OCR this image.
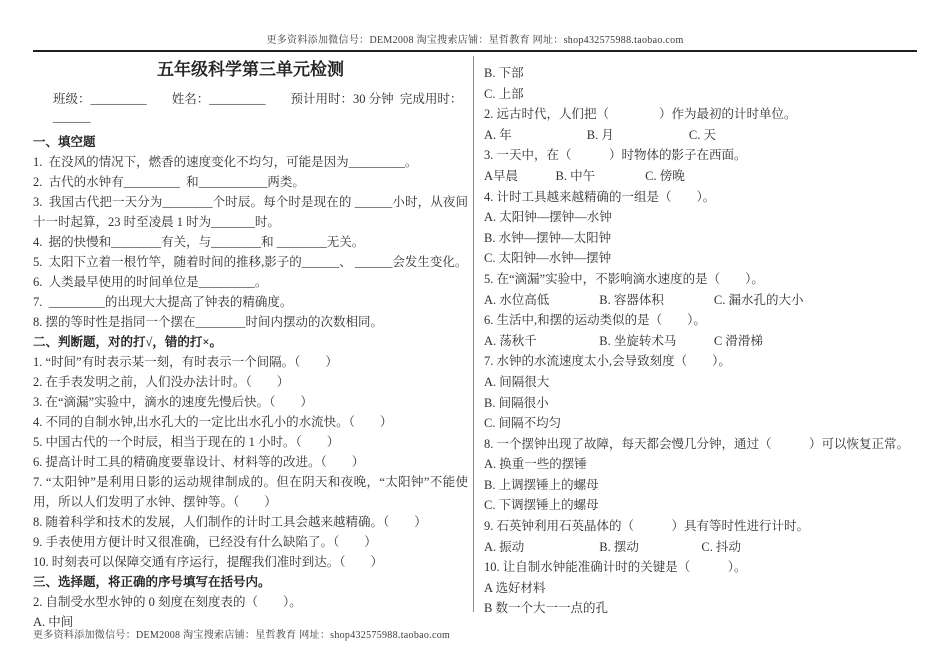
更多资料添加微信号：DEM2008 淘宝搜索店铺：星哲教育 网址：shop432575988.taobao.com
五年级科学第三单元检测
班级：_________　　姓名：_________　　预计用时：30 分钟  完成用时：______
一、填空题
1.  在没风的情况下，燃香的速度变化不均匀，可能是因为_________。
2.  古代的水钟有_________  和___________两类。
3.  我国古代把一天分为________个时辰。每个时是现在的 ______小时，从夜间十一时起算，23 时至凌晨 1 时为_______时。
4.  据的快慢和________有关，与________和 ________无关。
5.  太阳下立着一根竹竿，随着时间的推移,影子的______、 ______会发生变化。
6.  人类最早使用的时间单位是_________。
7.  _________的出现大大提高了钟表的精确度。
8. 摆的等时性是指同一个摆在________时间内摆动的次数相同。
二、判断题，对的打√，错的打×。
1. “时间”有时表示某一刻，有时表示一个间隔。（　　）
2. 在手表发明之前，人们没办法计时。（　　）
3. 在“滴漏”实验中，滴水的速度先慢后快。（　　）
4. 不同的自制水钟,出水孔大的一定比出水孔小的水流快。（　　）
5. 中国古代的一个时辰，相当于现在的 1 小时。（　　）
6. 提高计时工具的精确度要靠设计、材料等的改进。（　　）
7. “太阳钟”是利用日影的运动规律制成的。但在阴天和夜晚，“太阳钟”不能使用，所以人们发明了水钟、摆钟等。（　　）
8. 随着科学和技术的发展，人们制作的计时工具会越来越精确。（　　）
9. 手表使用方便计时又很准确，已经没有什么缺陷了。（　　）
10. 时刻表可以保障交通有序运行，提醒我们准时到达。（　　）
三、选择题，将正确的序号填写在括号内。
2. 自制受水型水钟的 0 刻度在刻度表的（　　）。
A. 中间
B. 下部
C. 上部
2. 远古时代，人们把（　　　　）作为最初的计时单位。
A. 年　　　　　　B. 月　　　　　　C. 天
3. 一天中，在（　　　）时物体的影子在西面。
A早晨　　　B. 中午　　　　C. 傍晚
4. 计时工具越来越精确的一组是（　　）。
A. 太阳钟—摆钟—水钟
B. 水钟—摆钟—太阳钟
C. 太阳钟—水钟—摆钟
5. 在“滴漏”实验中，不影响滴水速度的是（　　）。
A. 水位高低　　　　B. 容器体积　　　　C. 漏水孔的大小
6. 生活中,和摆的运动类似的是（　　）。
A. 荡秋千　　　　　B. 坐旋转术马　　　C 滑滑梯
7. 水钟的水流速度太小,会导致刻度（　　）。
A. 间隔很大
B. 间隔很小
C. 间隔不均匀
8. 一个摆钟出现了故障，每天都会慢几分钟，通过（　　　）可以恢复正常。
A. 换重一些的摆锤
B. 上调摆锤上的螺母
C. 下调摆锤上的螺母
9. 石英钟利用石英晶体的（　　　）具有等时性进行计时。
A. 振动　　　　　　B. 摆动　　　　　C. 抖动
10. 让自制水钟能准确计时的关键是（　　　）。
A 选好材料
B 数一个大一一点的孔
更多资料添加微信号：DEM2008 淘宝搜索店铺：星哲教育 网址：shop432575988.taobao.com
